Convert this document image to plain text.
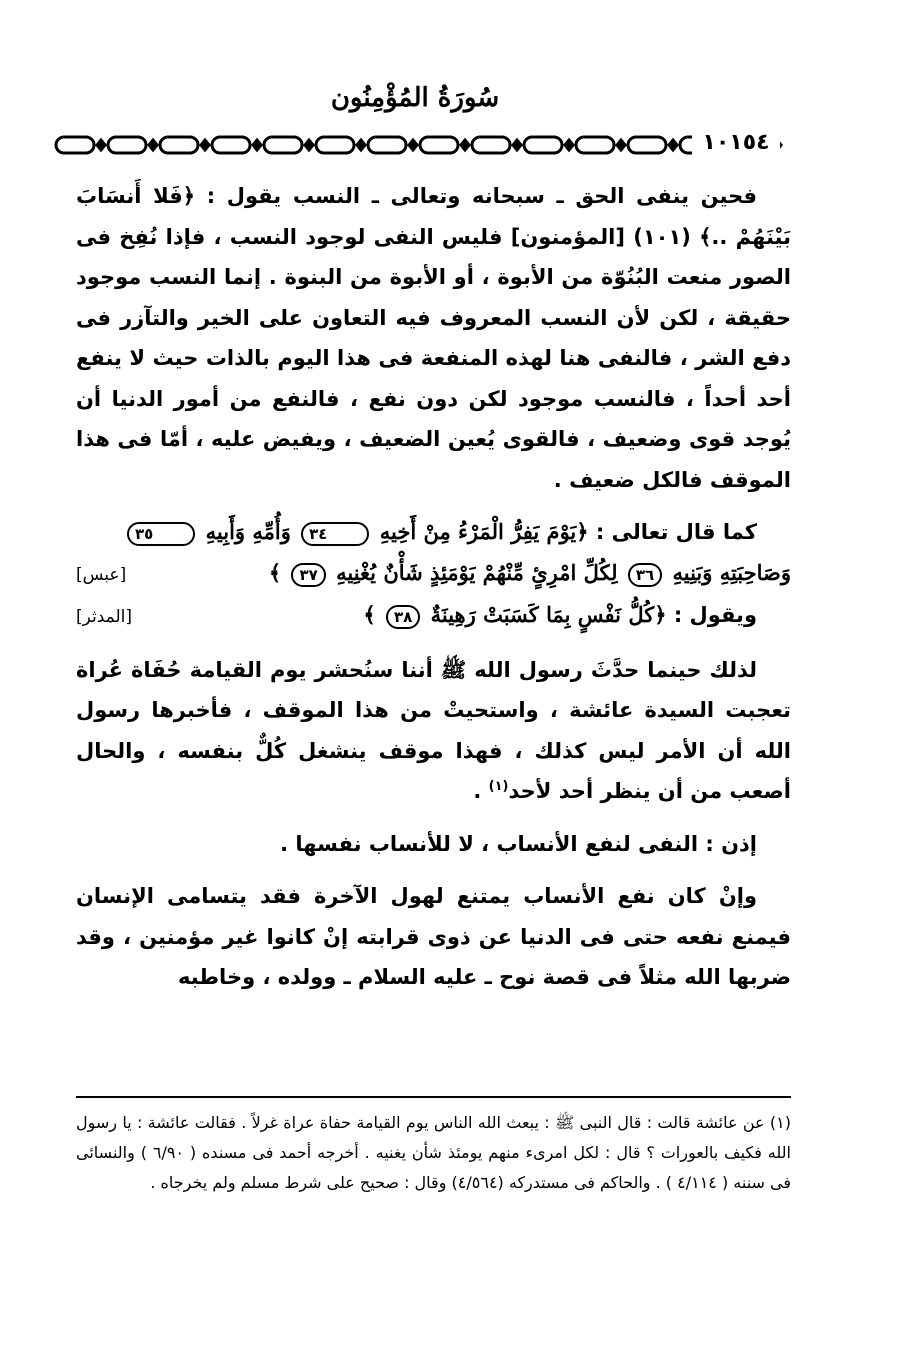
سُورَةُ المُؤْمِنُون
١٠١٥٤

فحين ينفى الحق ـ سبحانه وتعالى ـ النسب يقول : ﴿فَلا أَنسَابَ بَيْنَهُمْ ..﴾ (١٠١) [المؤمنون] فليس النفى لوجود النسب ، فإذا نُفِخ فى الصور منعت البُنُوّة من الأبوة ، أو الأبوة من البنوة . إنما النسب موجود حقيقة ، لكن لأن النسب المعروف فيه التعاون على الخير والتآزر فى دفع الشر ، فالنفى هنا لهذه المنفعة فى هذا اليوم بالذات حيث لا ينفع أحد أحداً ، فالنسب موجود لكن دون نفع ، فالنفع من أمور الدنيا أن يُوجد قوى وضعيف ، فالقوى يُعين الضعيف ، ويفيض عليه ، أمّا فى هذا الموقف فالكل ضعيف .

كما قال تعالى : ﴿يَوْمَ يَفِرُّ الْمَرْءُ مِنْ أَخِيهِ ٣٤ وَأُمِّهِ وَأَبِيهِ ٣٥
وَصَاحِبَتِهِ وَبَنِيهِ ٣٦ لِكُلِّ امْرِئٍ مِّنْهُمْ يَوْمَئِذٍ شَأْنٌ يُغْنِيهِ ٣٧ ﴾
[عبس]
ويقول : ﴿كُلُّ نَفْسٍ بِمَا كَسَبَتْ رَهِينَةٌ ٣٨ ﴾
[المدثر]

لذلك حينما حدَّثَ رسول الله ﷺ أننا سنُحشر يوم القيامة حُفَاة عُراة تعجبت السيدة عائشة ، واستحيتْ من هذا الموقف ، فأخبرها رسول الله أن الأمر ليس كذلك ، فهذا موقف ينشغل كُلٌّ بنفسه ، والحال أصعب من أن ينظر أحد لأحد$^{(١)}$ .

إذن : النفى لنفع الأنساب ، لا للأنساب نفسها .

وإنْ كان نفع الأنساب يمتنع لهول الآخرة فقد يتسامى الإنسان فيمنع نفعه حتى فى الدنيا عن ذوى قرابته إنْ كانوا غير مؤمنين ، وقد ضربها الله مثلاً فى قصة نوح ـ عليه السلام ـ وولده ، وخاطبه

(١) عن عائشة قالت : قال النبى ﷺ : يبعث الله الناس يوم القيامة حفاة عراة غرلاً . فقالت عائشة : يا رسول الله فكيف بالعورات ؟ قال : لكل امرىء منهم يومئذ شأن يغنيه . أخرجه أحمد فى مسنده ( ٦/٩٠ ) والنسائى فى سننه ( ٤/١١٤ ) . والحاكم فى مستدركه (٤/٥٦٤) وقال : صحيح على شرط مسلم ولم يخرجاه .
